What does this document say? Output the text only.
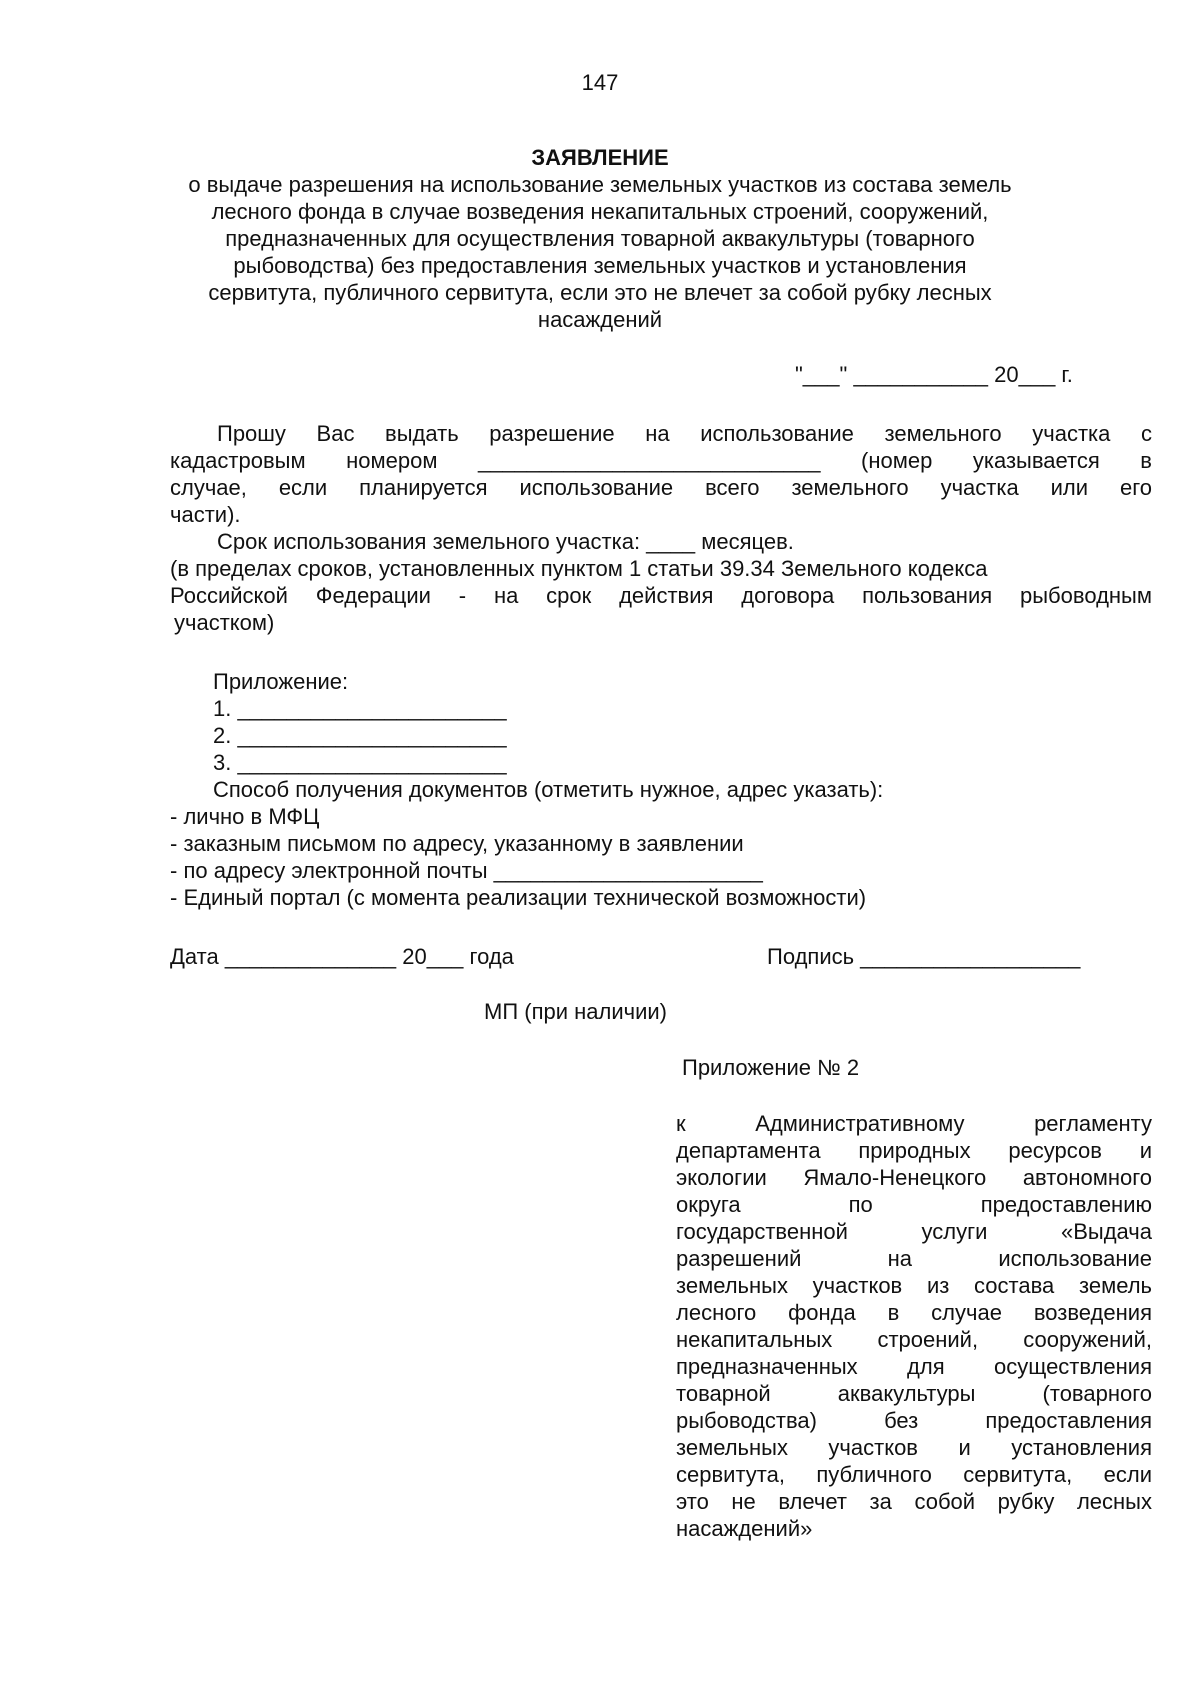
147
ЗАЯВЛЕНИЕ
о выдаче разрешения на использование земельных участков из состава земель
лесного фонда в случае возведения некапитальных строений, сооружений,
предназначенных для осуществления товарной аквакультуры (товарного
рыбоводства) без предоставления земельных участков и установления
сервитута, публичного сервитута, если это не влечет за собой рубку лесных
насаждений
"___" ___________ 20___ г.
Прошу Вас выдать разрешение на использование земельного участка с
кадастровым номером ____________________________ (номер указывается в
случае, если планируется использование всего земельного участка или его
части).
Срок использования земельного участка: ____ месяцев.
(в пределах сроков, установленных пунктом 1 статьи 39.34 Земельного кодекса
Российской Федерации - на срок действия договора пользования рыбоводным
участком)
Приложение:
1. ______________________
2. ______________________
3. ______________________
Способ получения документов (отметить нужное, адрес указать):
- лично в МФЦ
- заказным письмом по адресу, указанному в заявлении
- по адресу электронной почты ______________________
- Единый портал (с момента реализации технической возможности)
Дата ______________ 20___ года	Подпись __________________
МП (при наличии)
Приложение № 2
к Административному регламенту
департамента природных ресурсов и
экологии Ямало-Ненецкого автономного
округа по предоставлению
государственной услуги «Выдача
разрешений на использование
земельных участков из состава земель
лесного фонда в случае возведения
некапитальных строений, сооружений,
предназначенных для осуществления
товарной аквакультуры (товарного
рыбоводства) без предоставления
земельных участков и установления
сервитута, публичного сервитута, если
это не влечет за собой рубку лесных
насаждений»
